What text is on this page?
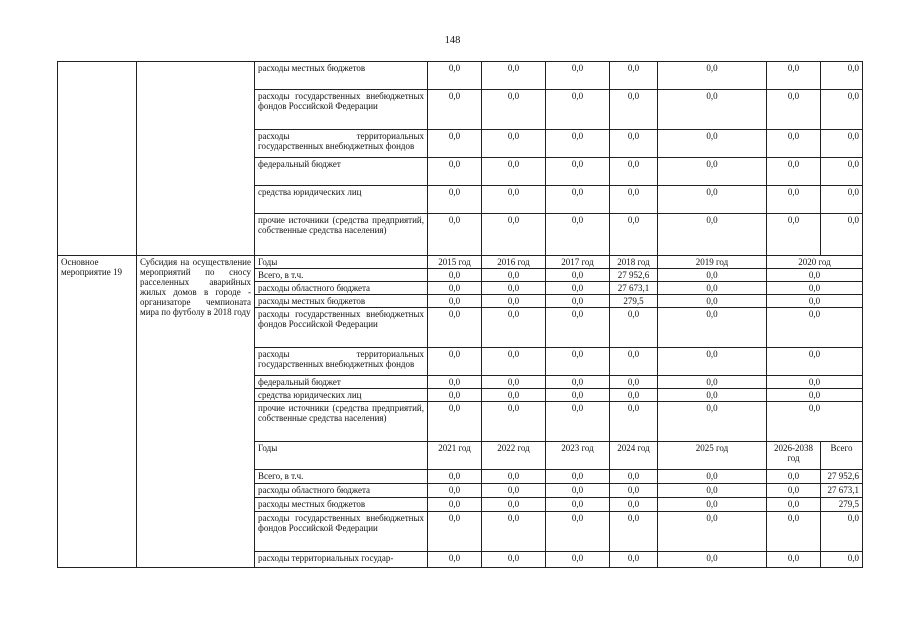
148
		расходы местных бюджетов	0,0	0,0	0,0	0,0	0,0	0,0	0,0
		расходы государственных внебюджетных фондов Российской Федерации	0,0	0,0	0,0	0,0	0,0	0,0	0,0
		расходы территориальных государственных внебюджетных фондов	0,0	0,0	0,0	0,0	0,0	0,0	0,0
		федеральный бюджет	0,0	0,0	0,0	0,0	0,0	0,0	0,0
		средства юридических лиц	0,0	0,0	0,0	0,0	0,0	0,0	0,0
		прочие источники (средства предприятий, собственные средства населения)	0,0	0,0	0,0	0,0	0,0	0,0	0,0
Основное мероприятие 19	Субсидия на осуществление мероприятий по сносу расселенных аварийных жилых домов в городе - организаторе чемпионата мира по футболу в 2018 году	Годы	2015 год	2016 год	2017 год	2018 год	2019 год	2020 год	
		Всего, в т.ч.	0,0	0,0	0,0	27 952,6	0,0	0,0	
		расходы областного бюджета	0,0	0,0	0,0	27 673,1	0,0	0,0	
		расходы местных бюджетов	0,0	0,0	0,0	279,5	0,0	0,0	
		расходы государственных внебюджетных фондов Российской Федерации	0,0	0,0	0,0	0,0	0,0	0,0	
		расходы территориальных государственных внебюджетных фондов	0,0	0,0	0,0	0,0	0,0	0,0	
		федеральный бюджет	0,0	0,0	0,0	0,0	0,0	0,0	
		средства юридических лиц	0,0	0,0	0,0	0,0	0,0	0,0	
		прочие источники (средства предприятий, собственные средства населения)	0,0	0,0	0,0	0,0	0,0	0,0	
		Годы	2021 год	2022 год	2023 год	2024 год	2025 год	2026-2038 год	Всего
		Всего, в т.ч.	0,0	0,0	0,0	0,0	0,0	0,0	27 952,6
		расходы областного бюджета	0,0	0,0	0,0	0,0	0,0	0,0	27 673,1
		расходы местных бюджетов	0,0	0,0	0,0	0,0	0,0	0,0	279,5
		расходы государственных внебюджетных фондов Российской Федерации	0,0	0,0	0,0	0,0	0,0	0,0	0,0
		расходы территориальных государ-	0,0	0,0	0,0	0,0	0,0	0,0	0,0
